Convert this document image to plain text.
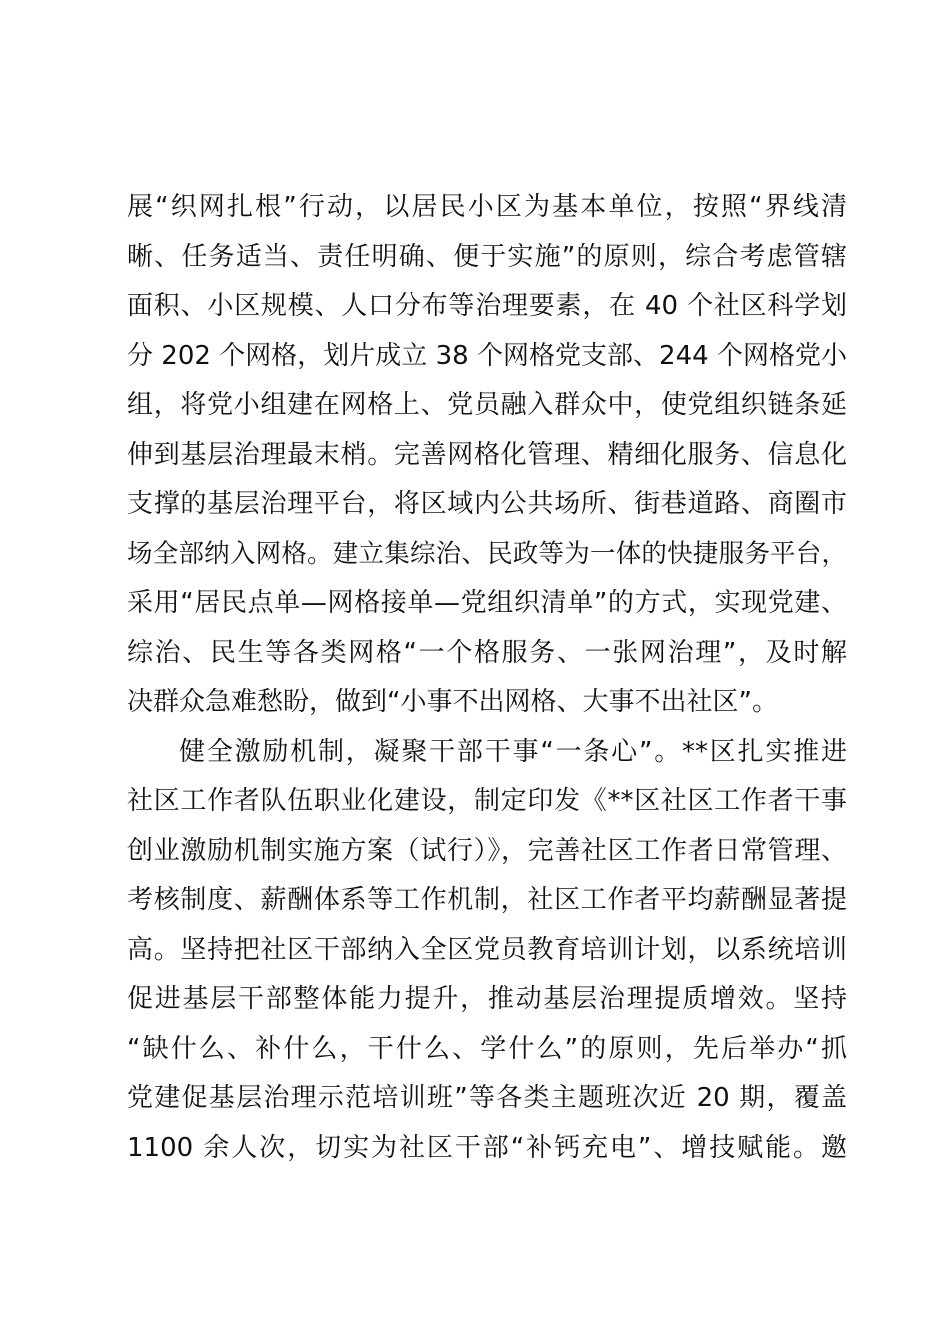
展“织网扎根”行动，以居民小区为基本单位，按照“界线清
晰、任务适当、责任明确、便于实施”的原则，综合考虑管辖
面积、小区规模、人口分布等治理要素，在 40 个社区科学划
分 202 个网格，划片成立 38 个网格党支部、244 个网格党小
组，将党小组建在网格上、党员融入群众中，使党组织链条延
伸到基层治理最末梢。完善网格化管理、精细化服务、信息化
支撑的基层治理平台，将区域内公共场所、街巷道路、商圈市
场全部纳入网格。建立集综治、民政等为一体的快捷服务平台，
采用“居民点单—网格接单—党组织清单”的方式，实现党建、
综治、民生等各类网格“一个格服务、一张网治理”，及时解
决群众急难愁盼，做到“小事不出网格、大事不出社区”。
健全激励机制，凝聚干部干事“一条心”。**区扎实推进
社区工作者队伍职业化建设，制定印发《**区社区工作者干事
创业激励机制实施方案（试行）》，完善社区工作者日常管理、
考核制度、薪酬体系等工作机制，社区工作者平均薪酬显著提
高。坚持把社区干部纳入全区党员教育培训计划，以系统培训
促进基层干部整体能力提升，推动基层治理提质增效。坚持
“缺什么、补什么，干什么、学什么”的原则，先后举办“抓
党建促基层治理示范培训班”等各类主题班次近 20 期，覆盖
1100 余人次，切实为社区干部“补钙充电”、增技赋能。邀
